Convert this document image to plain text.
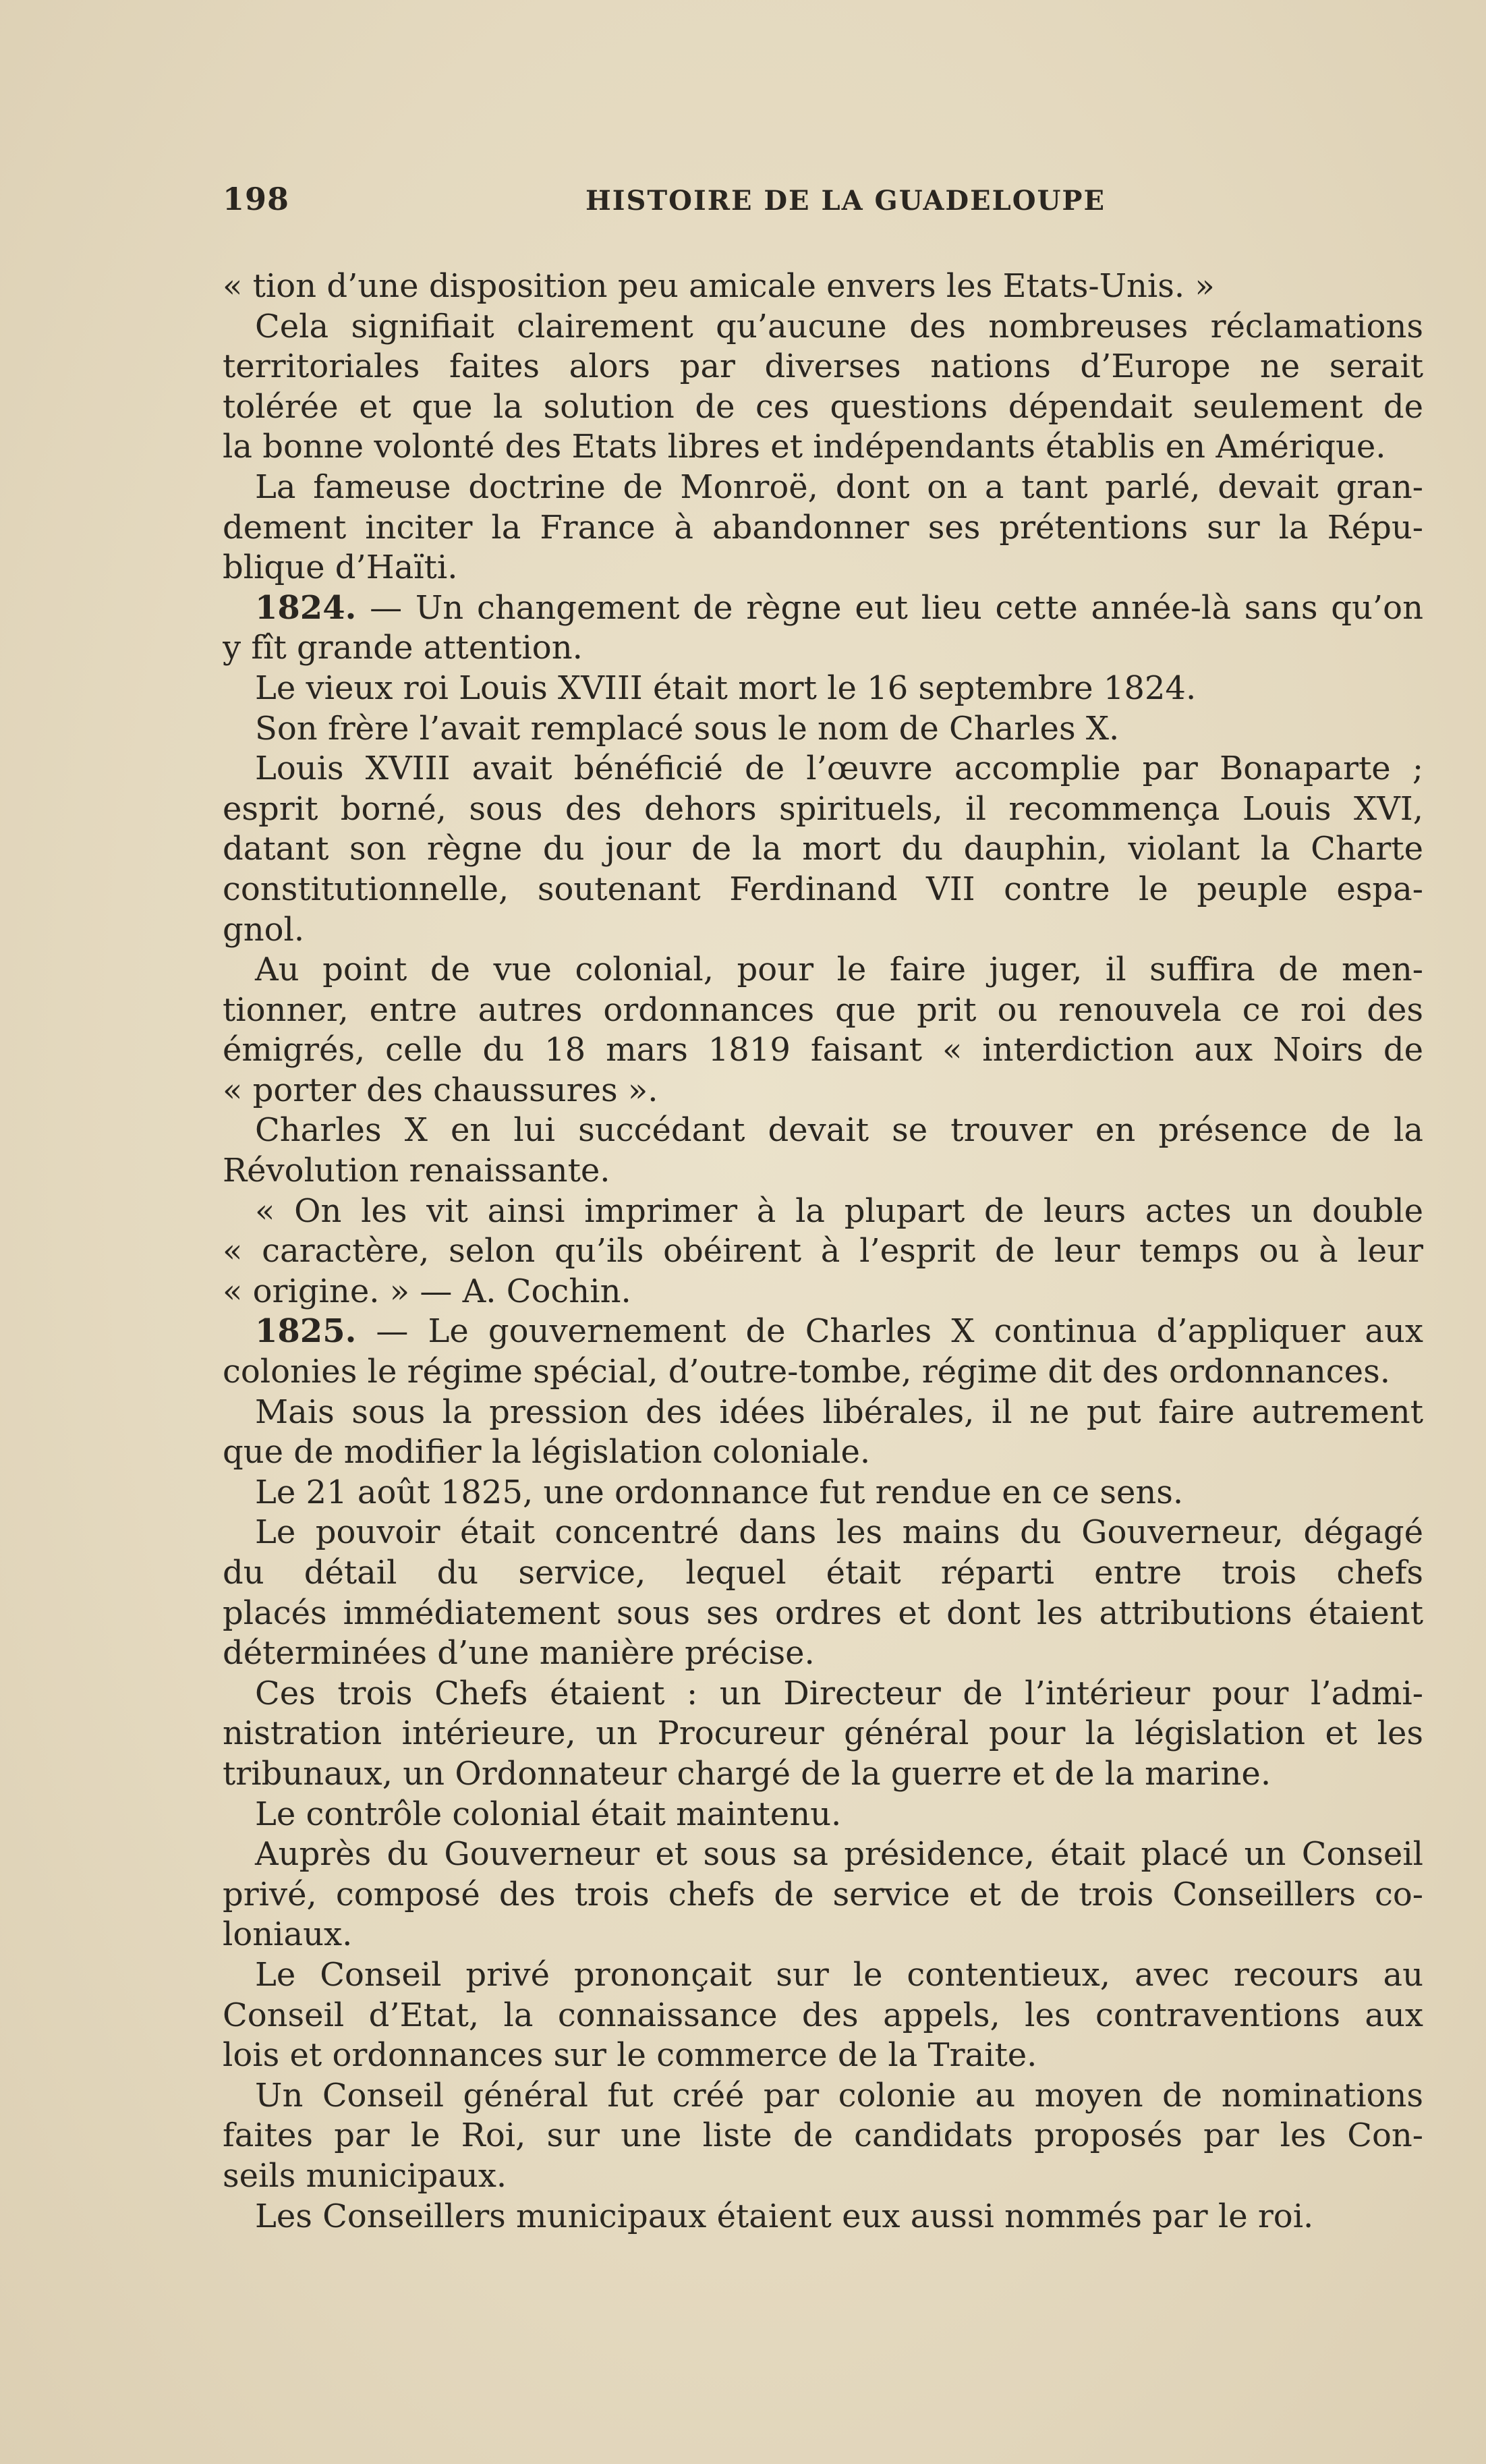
198	HISTOIRE DE LA GUADELOUPE
« tion d’une disposition peu amicale envers les Etats-Unis. »
Cela signifiait clairement qu’aucune des nombreuses réclamations
territoriales faites alors par diverses nations d’Europe ne serait
tolérée et que la solution de ces questions dépendait seulement de
la bonne volonté des Etats libres et indépendants établis en Amérique.
La fameuse doctrine de Monroë, dont on a tant parlé, devait gran-
dement inciter la France à abandonner ses prétentions sur la Répu-
blique d’Haïti.
1824. — Un changement de règne eut lieu cette année-là sans qu’on
y fît grande attention.
Le vieux roi Louis XVIII était mort le 16 septembre 1824.
Son frère l’avait remplacé sous le nom de Charles X.
Louis XVIII avait bénéficié de l’œuvre accomplie par Bonaparte ;
esprit borné, sous des dehors spirituels, il recommença Louis XVI,
datant son règne du jour de la mort du dauphin, violant la Charte
constitutionnelle, soutenant Ferdinand VII contre le peuple espa-
gnol.
Au point de vue colonial, pour le faire juger, il suffira de men-
tionner, entre autres ordonnances que prit ou renouvela ce roi des
émigrés, celle du 18 mars 1819 faisant « interdiction aux Noirs de
« porter des chaussures ».
Charles X en lui succédant devait se trouver en présence de la
Révolution renaissante.
« On les vit ainsi imprimer à la plupart de leurs actes un double
« caractère, selon qu’ils obéirent à l’esprit de leur temps ou à leur
« origine. » — A. Cochin.
1825. — Le gouvernement de Charles X continua d’appliquer aux
colonies le régime spécial, d’outre-tombe, régime dit des ordonnances.
Mais sous la pression des idées libérales, il ne put faire autrement
que de modifier la législation coloniale.
Le 21 août 1825, une ordonnance fut rendue en ce sens.
Le pouvoir était concentré dans les mains du Gouverneur, dégagé
du détail du service, lequel était réparti entre trois chefs
placés immédiatement sous ses ordres et dont les attributions étaient
déterminées d’une manière précise.
Ces trois Chefs étaient : un Directeur de l’intérieur pour l’admi-
nistration intérieure, un Procureur général pour la législation et les
tribunaux, un Ordonnateur chargé de la guerre et de la marine.
Le contrôle colonial était maintenu.
Auprès du Gouverneur et sous sa présidence, était placé un Conseil
privé, composé des trois chefs de service et de trois Conseillers co-
loniaux.
Le Conseil privé prononçait sur le contentieux, avec recours au
Conseil d’Etat, la connaissance des appels, les contraventions aux
lois et ordonnances sur le commerce de la Traite.
Un Conseil général fut créé par colonie au moyen de nominations
faites par le Roi, sur une liste de candidats proposés par les Con-
seils municipaux.
Les Conseillers municipaux étaient eux aussi nommés par le roi.
